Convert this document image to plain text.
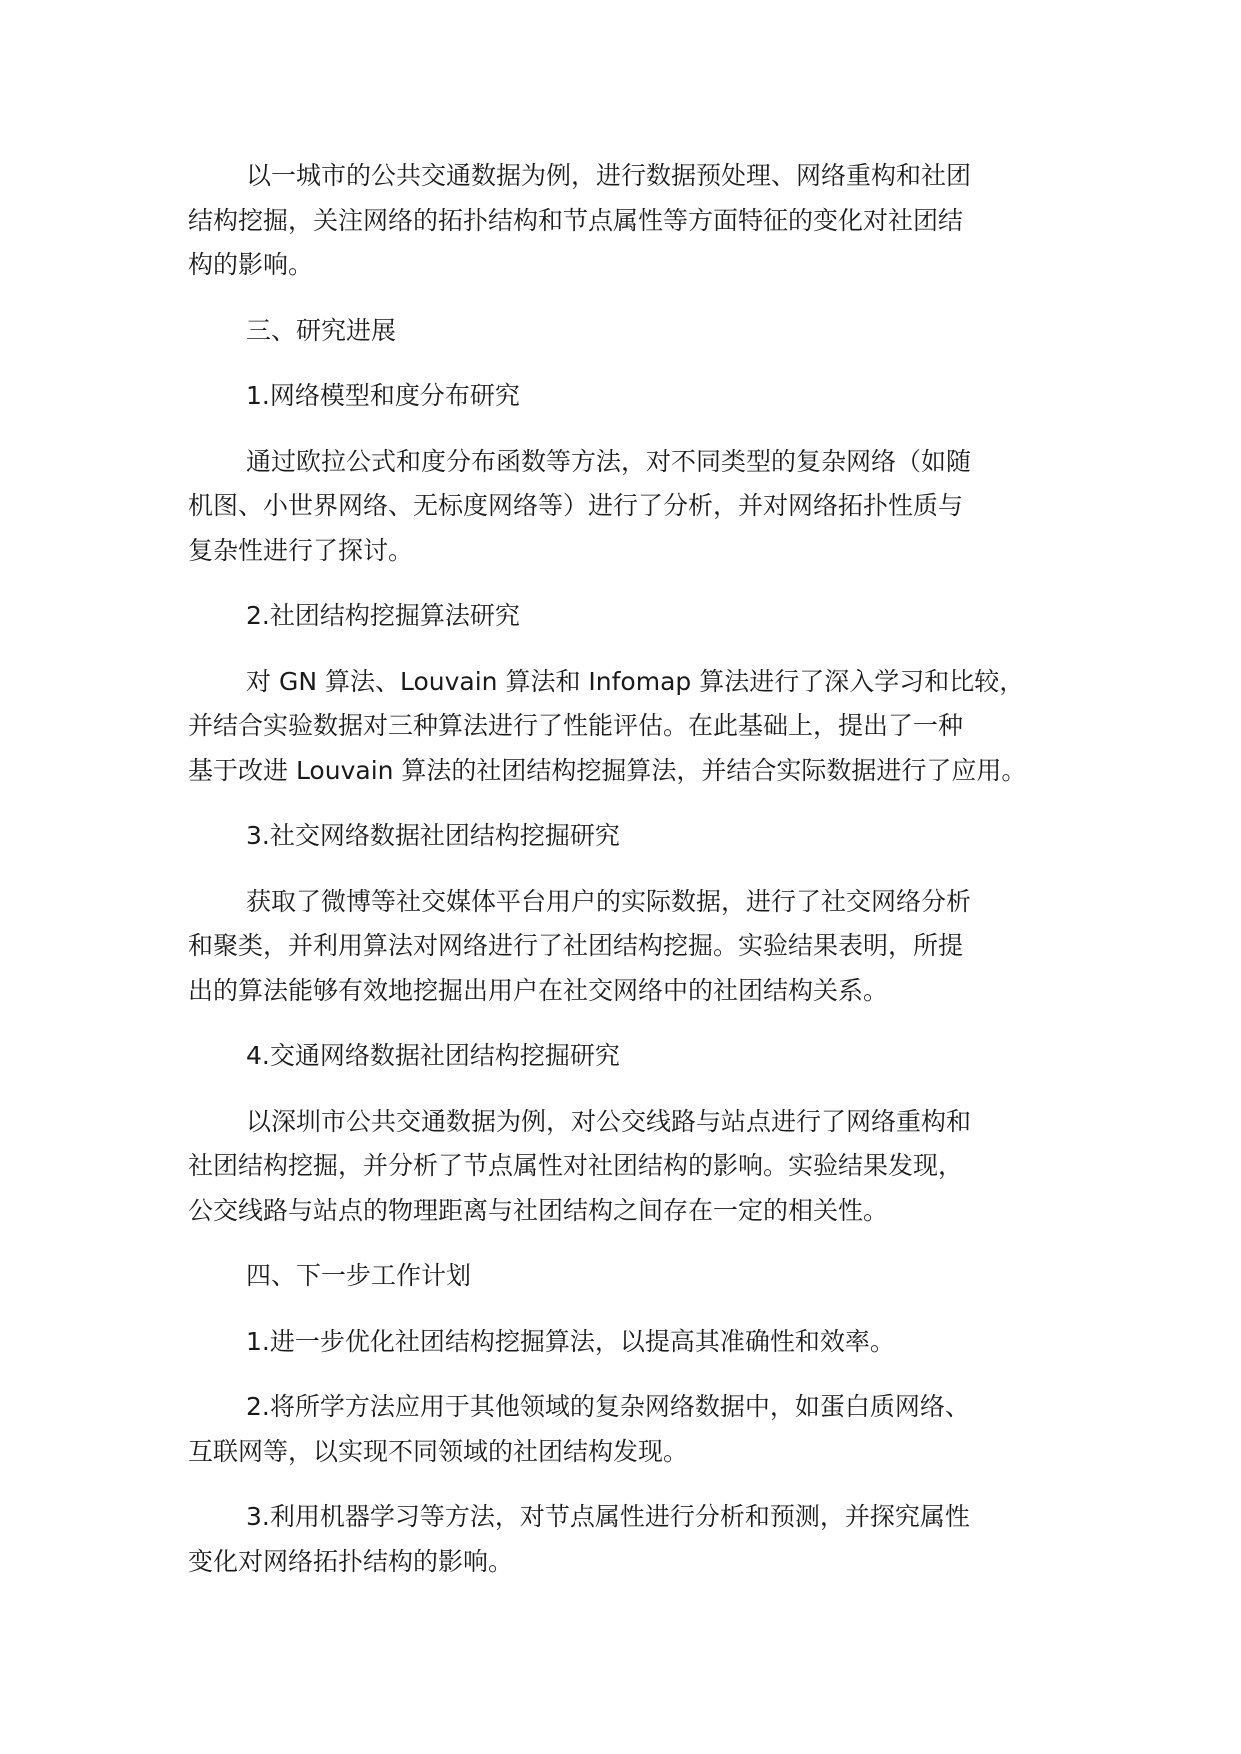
以一城市的公共交通数据为例，进行数据预处理、网络重构和社团
结构挖掘，关注网络的拓扑结构和节点属性等方面特征的变化对社团结
构的影响。
三、研究进展
1.网络模型和度分布研究
通过欧拉公式和度分布函数等方法，对不同类型的复杂网络（如随
机图、小世界网络、无标度网络等）进行了分析，并对网络拓扑性质与
复杂性进行了探讨。
2.社团结构挖掘算法研究
对 GN 算法、Louvain 算法和 Infomap 算法进行了深入学习和比较，
并结合实验数据对三种算法进行了性能评估。在此基础上，提出了一种
基于改进 Louvain 算法的社团结构挖掘算法，并结合实际数据进行了应用。
3.社交网络数据社团结构挖掘研究
获取了微博等社交媒体平台用户的实际数据，进行了社交网络分析
和聚类，并利用算法对网络进行了社团结构挖掘。实验结果表明，所提
出的算法能够有效地挖掘出用户在社交网络中的社团结构关系。
4.交通网络数据社团结构挖掘研究
以深圳市公共交通数据为例，对公交线路与站点进行了网络重构和
社团结构挖掘，并分析了节点属性对社团结构的影响。实验结果发现，
公交线路与站点的物理距离与社团结构之间存在一定的相关性。
四、下一步工作计划
1.进一步优化社团结构挖掘算法，以提高其准确性和效率。
2.将所学方法应用于其他领域的复杂网络数据中，如蛋白质网络、
互联网等，以实现不同领域的社团结构发现。
3.利用机器学习等方法，对节点属性进行分析和预测，并探究属性
变化对网络拓扑结构的影响。
